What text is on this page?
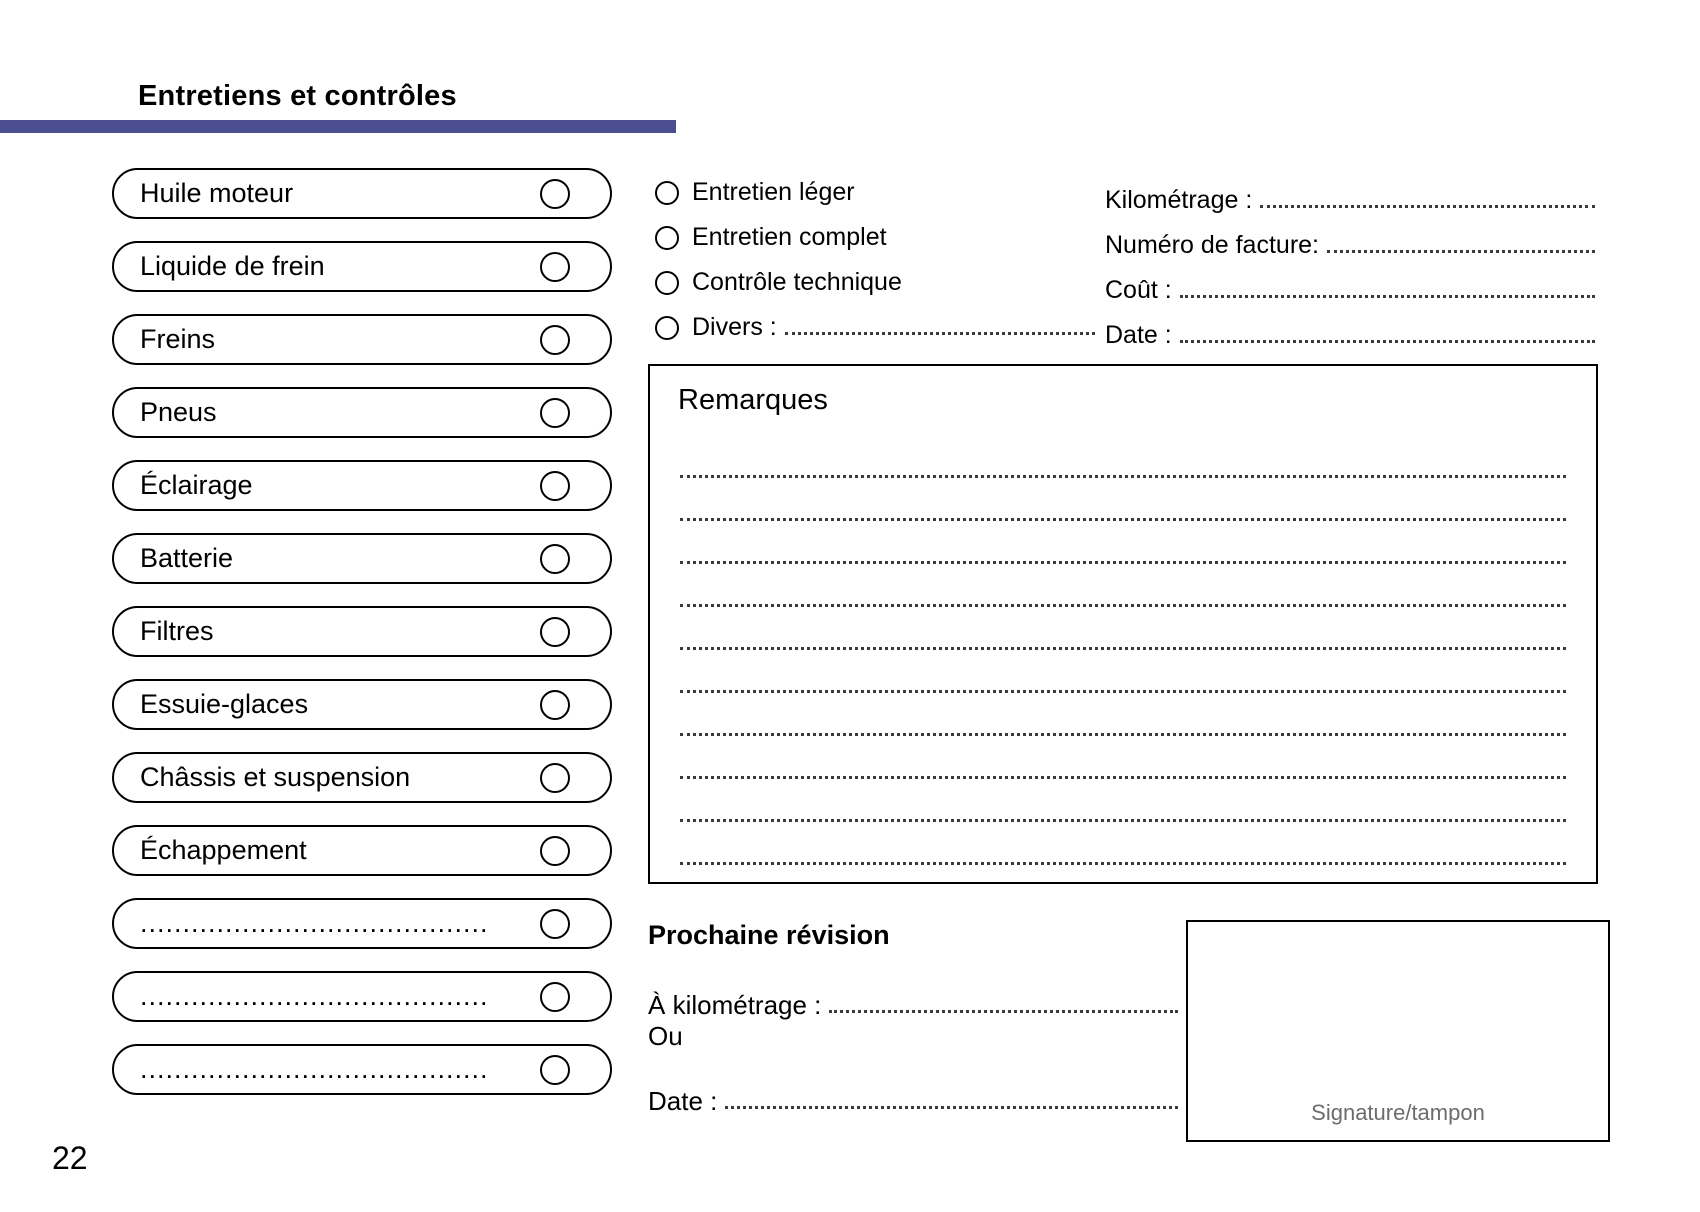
Entretiens et contrôles
Huile moteur
Liquide de frein
Freins
Pneus
Éclairage
Batterie
Filtres
Essuie-glaces
Châssis et suspension
Échappement
.........................................
.........................................
.........................................
Entretien léger
Entretien complet
Contrôle technique
Divers :
Kilométrage :
Numéro de facture:
Coût :
Date :
Remarques
Prochaine révision
À kilométrage :
Ou
Date :	Signature/tampon
22
